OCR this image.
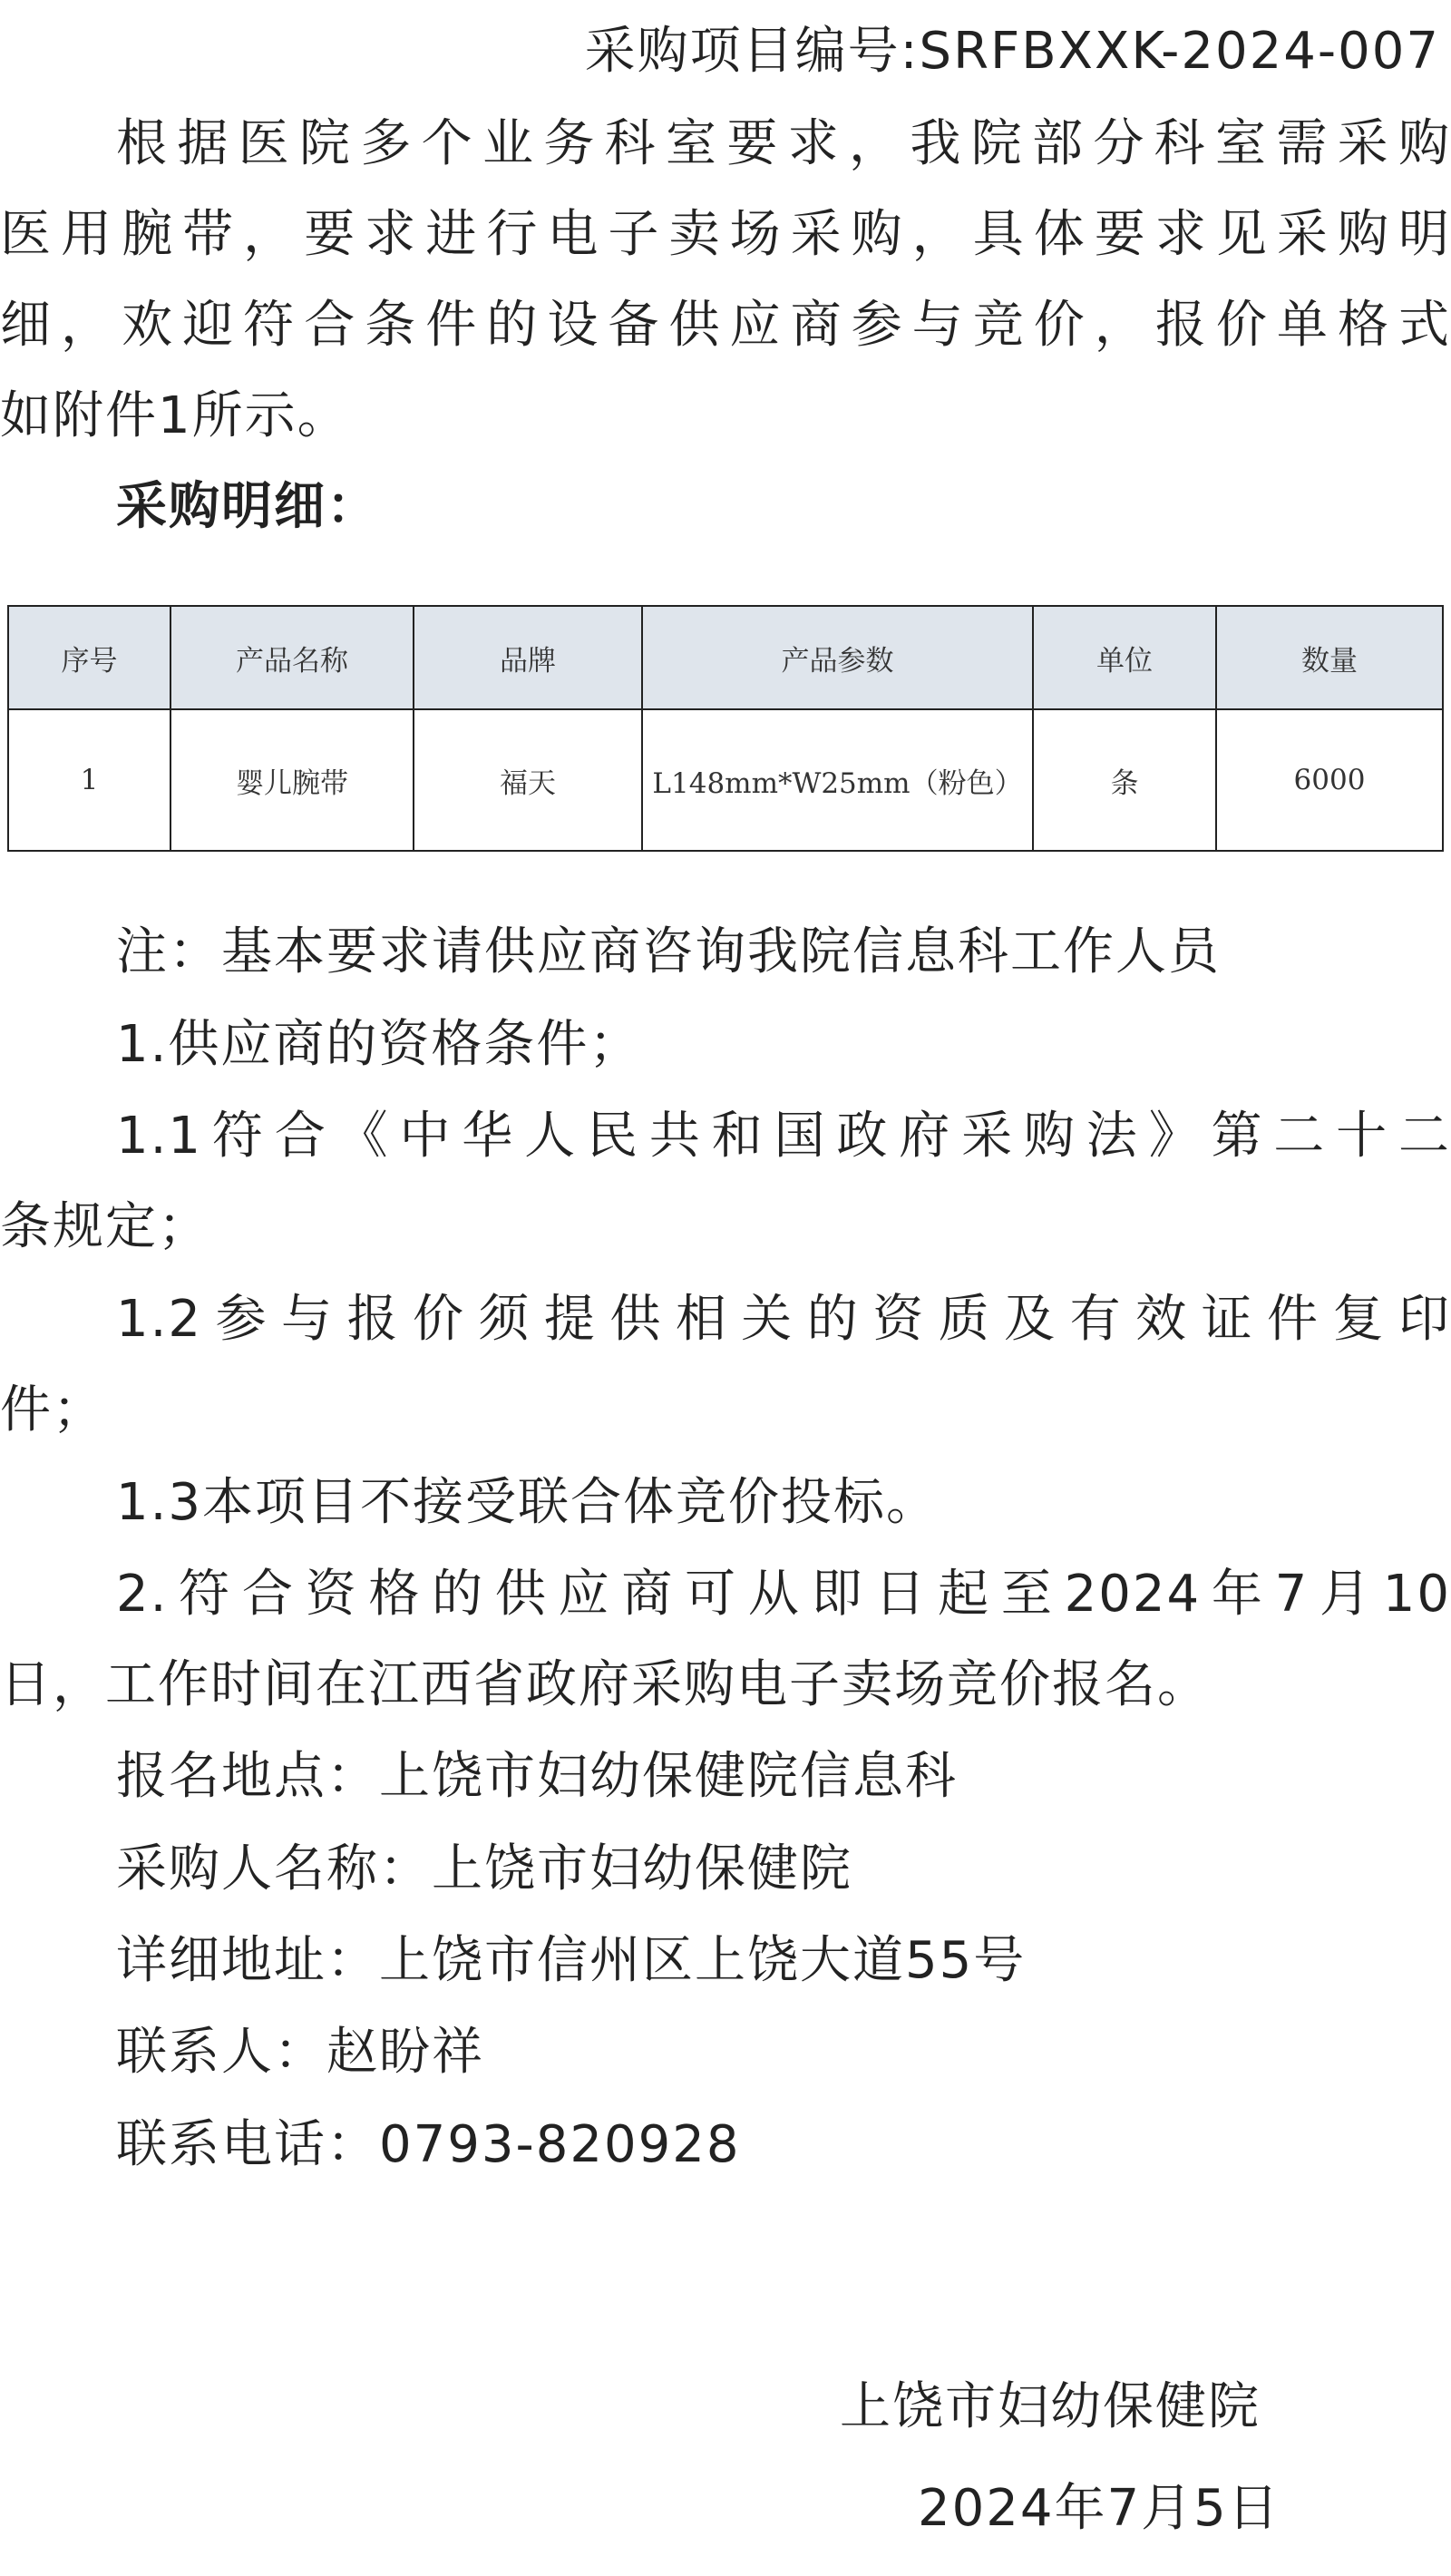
采购项目编号:SRFBXXK-2024-007
根据医院多个业务科室要求，我院部分科室需采购
医用腕带，要求进行电子卖场采购，具体要求见采购明
细，欢迎符合条件的设备供应商参与竞价，报价单格式
如附件1所示。
采购明细：
序号	产品名称	品牌	产品参数	单位	数量
1	婴儿腕带	福天	L148mm*W25mm（粉色）	条	6000
注：基本要求请供应商咨询我院信息科工作人员
1.供应商的资格条件；
1.1符合《中华人民共和国政府采购法》第二十二
条规定；
1.2参与报价须提供相关的资质及有效证件复印
件；
1.3本项目不接受联合体竞价投标。
2.符合资格的供应商可从即日起至2024年7月10
日，工作时间在江西省政府采购电子卖场竞价报名。
报名地点：上饶市妇幼保健院信息科
采购人名称：上饶市妇幼保健院
详细地址：上饶市信州区上饶大道55号
联系人：赵盼祥
联系电话：0793-820928
上饶市妇幼保健院
2024年7月5日
